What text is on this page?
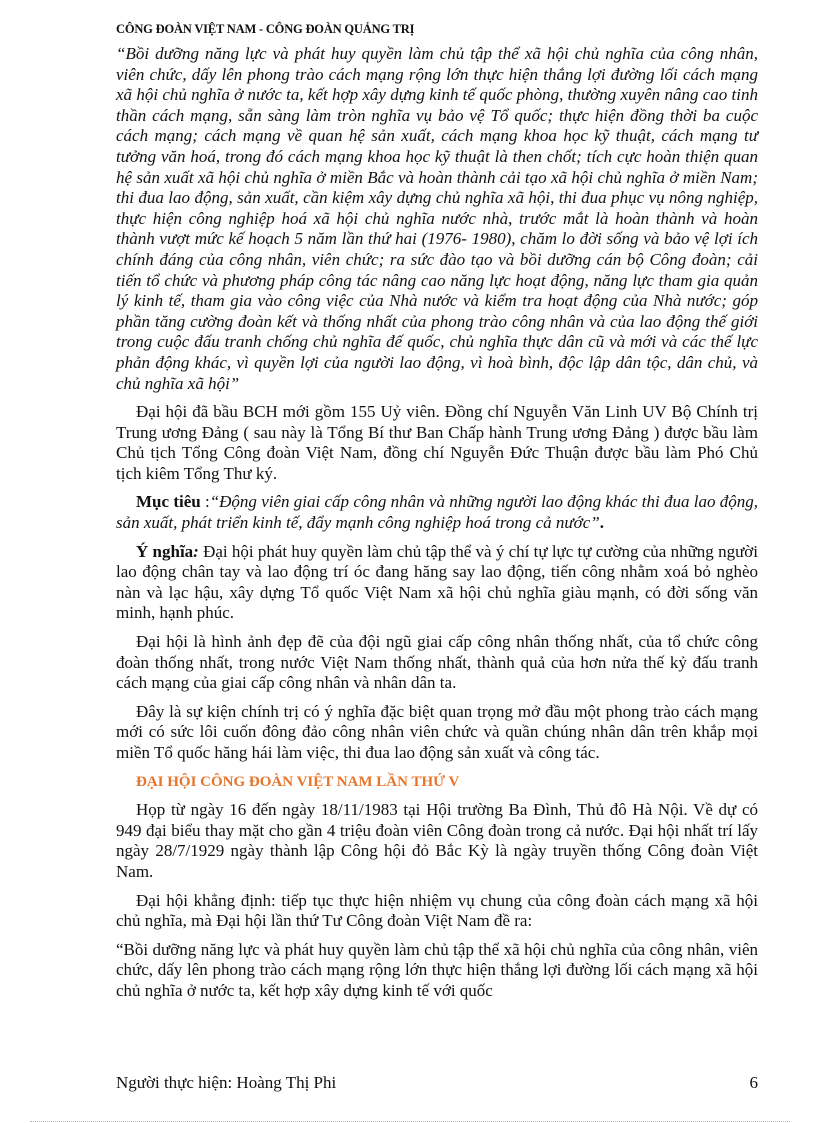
CÔNG ĐOÀN VIỆT NAM - CÔNG ĐOÀN QUẢNG TRỊ

“Bồi dưỡng năng lực và phát huy quyền làm chủ tập thể xã hội chủ nghĩa của công nhân, viên chức, dấy lên phong trào cách mạng rộng lớn thực hiện thắng lợi đường lối cách mạng xã hội chủ nghĩa ở nước ta, kết hợp xây dựng kinh tế quốc phòng, thường xuyên nâng cao tinh thần cách mạng, sẵn sàng làm tròn nghĩa vụ bảo vệ Tổ quốc; thực hiện đồng thời ba cuộc cách mạng; cách mạng về quan hệ sản xuất, cách mạng khoa học kỹ thuật, cách mạng tư tưởng văn hoá, trong đó cách mạng khoa học kỹ thuật là then chốt; tích cực hoàn thiện quan hệ sản xuất xã hội chủ nghĩa ở miền Bắc và hoàn thành cải tạo xã hội chủ nghĩa ở miền Nam; thi đua lao động, sản xuất, cần kiệm xây dựng chủ nghĩa xã hội, thi đua phục vụ nông nghiệp, thực hiện công nghiệp hoá xã hội chủ nghĩa nước nhà, trước mắt là hoàn thành và hoàn thành vượt mức kế hoạch 5 năm lần thứ hai (1976- 1980), chăm lo đời sống và bảo vệ lợi ích chính đáng của công nhân, viên chức; ra sức đào tạo và bồi dưỡng cán bộ Công đoàn; cải tiến tổ chức và phương pháp công tác nâng cao năng lực hoạt động, năng lực tham gia quản lý kinh tế, tham gia vào công việc của Nhà nước và kiểm tra hoạt động của Nhà nước; góp phần tăng cường đoàn kết và thống nhất của phong trào công nhân và của lao động thế giới trong cuộc đấu tranh chống chủ nghĩa đế quốc, chủ nghĩa thực dân cũ và mới và các thế lực phản động khác, vì quyền lợi của người lao động, vì hoà bình, độc lập dân tộc, dân chủ, và chủ nghĩa xã hội”

Đại hội đã bầu BCH mới gồm 155 Uỷ viên. Đồng chí Nguyễn Văn Linh UV Bộ Chính trị Trung ương Đảng ( sau này là Tổng Bí thư Ban Chấp hành Trung ương Đảng ) được bầu làm Chủ tịch Tổng Công đoàn Việt Nam, đồng chí Nguyễn Đức Thuận được bầu làm Phó Chủ tịch kiêm Tổng Thư ký.

Mục tiêu :“Động viên giai cấp công nhân và những người lao động khác thi đua lao động, sản xuất, phát triển kinh tế, đẩy mạnh công nghiệp hoá trong cả nước”.

Ý nghĩa: Đại hội phát huy quyền làm chủ tập thể và ý chí tự lực tự cường của những người lao động chân tay và lao động trí óc đang hăng say lao động, tiến công nhằm xoá bỏ nghèo nàn và lạc hậu, xây dựng Tổ quốc Việt Nam xã hội chủ nghĩa giàu mạnh, có đời sống văn minh, hạnh phúc.

Đại hội là hình ảnh đẹp đẽ của đội ngũ giai cấp công nhân thống nhất, của tổ chức công đoàn thống nhất, trong nước Việt Nam thống nhất, thành quả của hơn nửa thế kỷ đấu tranh cách mạng của giai cấp công nhân và nhân dân ta.

Đây là sự kiện chính trị có ý nghĩa đặc biệt quan trọng mở đầu một phong trào cách mạng mới có sức lôi cuốn đông đảo công nhân viên chức và quần chúng nhân dân trên khắp mọi miền Tổ quốc hăng hái làm việc, thi đua lao động sản xuất và công tác.

ĐẠI HỘI CÔNG ĐOÀN VIỆT NAM LẦN THỨ V

Họp từ ngày 16 đến ngày 18/11/1983 tại Hội trường Ba Đình, Thủ đô Hà Nội. Về dự có 949 đại biểu thay mặt cho gần 4 triệu đoàn viên Công đoàn trong cả nước. Đại hội nhất trí lấy ngày 28/7/1929 ngày thành lập Công hội đỏ Bắc Kỳ là ngày truyền thống Công đoàn Việt Nam.

Đại hội khẳng định: tiếp tục thực hiện nhiệm vụ chung của công đoàn cách mạng xã hội chủ nghĩa, mà Đại hội lần thứ Tư Công đoàn Việt Nam đề ra:

“Bồi dưỡng năng lực và phát huy quyền làm chủ tập thể xã hội chủ nghĩa của công nhân, viên chức, dấy lên phong trào cách mạng rộng lớn thực hiện thắng lợi đường lối cách mạng xã hội chủ nghĩa ở nước ta, kết hợp xây dựng kinh tế với quốc

Người thực hiện: Hoàng Thị Phi	6
